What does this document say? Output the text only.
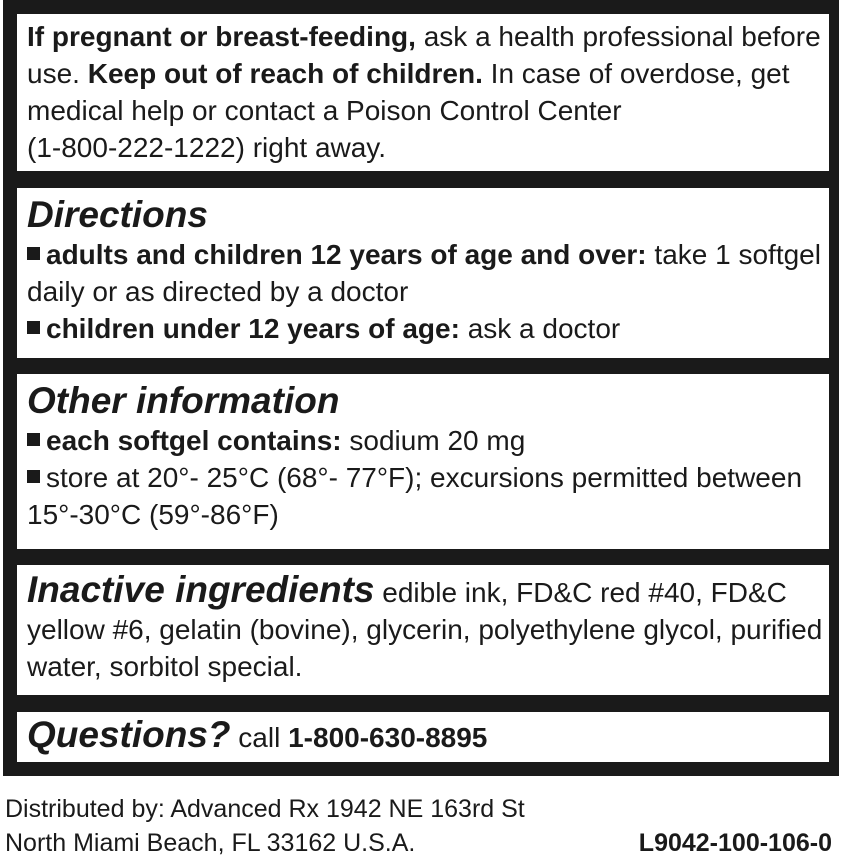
If pregnant or breast-feeding, ask a health professional before
use. Keep out of reach of children. In case of overdose, get
medical help or contact a Poison Control Center
(1-800-222-1222) right away.
Directions
adults and children 12 years of age and over: take 1 softgel
daily or as directed by a doctor
children under 12 years of age: ask a doctor
Other information
each softgel contains: sodium 20 mg
store at 20°- 25°C (68°- 77°F); excursions permitted between
15°-30°C (59°-86°F)
Inactive ingredients edible ink, FD&C red #40, FD&C
yellow #6, gelatin (bovine), glycerin, polyethylene glycol, purified
water, sorbitol special.
Questions? call 1-800-630-8895
Distributed by: Advanced Rx 1942 NE 163rd St
North Miami Beach, FL 33162 U.S.A.	L9042-100-106-0
